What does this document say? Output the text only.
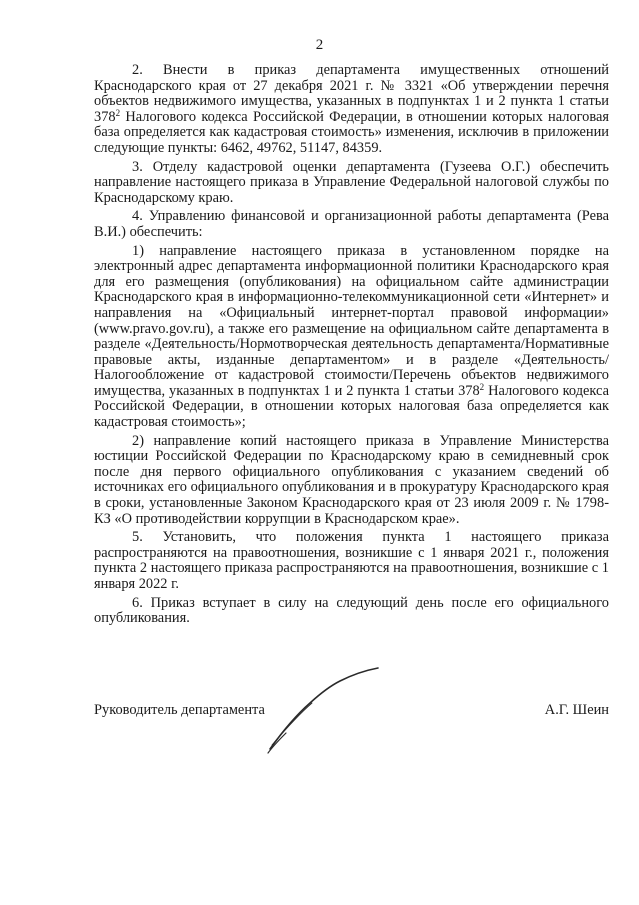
2

2. Внести в приказ департамента имущественных отношений Краснодарского края от 27 декабря 2021 г. № 3321 «Об утверждении перечня объектов недвижимого имущества, указанных в подпунктах 1 и 2 пункта 1 статьи $378^2$ Налогового кодекса Российской Федерации, в отношении которых налоговая база определяется как кадастровая стоимость» изменения, исключив в приложении следующие пункты: 6462, 49762, 51147, 84359.

3. Отделу кадастровой оценки департамента (Гузеева О.Г.) обеспечить направление настоящего приказа в Управление Федеральной налоговой службы по Краснодарскому краю.

4. Управлению финансовой и организационной работы департамента (Рева В.И.) обеспечить:

1) направление настоящего приказа в установленном порядке на электронный адрес департамента информационной политики Краснодарского края для его размещения (опубликования) на официальном сайте администрации Краснодарского края в информационно-телекоммуникационной сети «Интернет» и направления на «Официальный интернет-портал правовой информации» (www.pravo.gov.ru), а также его размещение на официальном сайте департамента в разделе «Деятельность/Нормотворческая деятельность департамента/Нормативные правовые акты, изданные департаментом» и в разделе «Деятельность/Налогообложение от кадастровой стоимости/Перечень объектов недвижимого имущества, указанных в подпунктах 1 и 2 пункта 1 статьи $378^2$ Налогового кодекса Российской Федерации, в отношении которых налоговая база определяется как кадастровая стоимость»;

2) направление копий настоящего приказа в Управление Министерства юстиции Российской Федерации по Краснодарскому краю в семидневный срок после дня первого официального опубликования с указанием сведений об источниках его официального опубликования и в прокуратуру Краснодарского края в сроки, установленные Законом Краснодарского края от 23 июля 2009 г. № 1798-КЗ «О противодействии коррупции в Краснодарском крае».

5. Установить, что положения пункта 1 настоящего приказа распространяются на правоотношения, возникшие с 1 января 2021 г., положения пункта 2 настоящего приказа распространяются на правоотношения, возникшие с 1 января 2022 г.

6. Приказ вступает в силу на следующий день после его официального опубликования.

Руководитель департамента	А.Г. Шеин
